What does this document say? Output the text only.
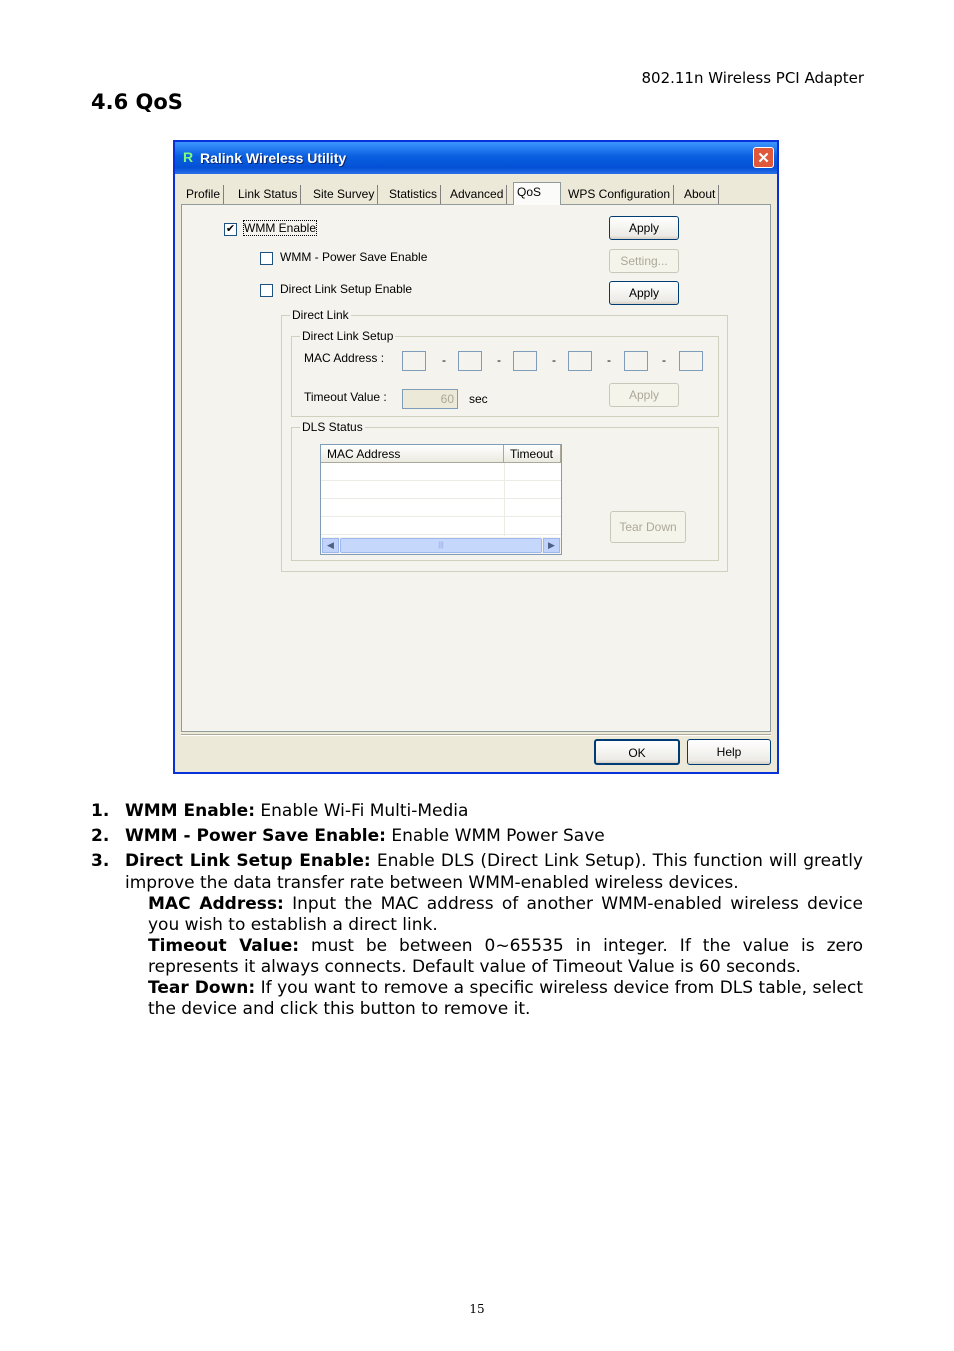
802.11n Wireless PCI Adapter
4.6 QoS
R Ralink Wireless Utility	✕
Profile	Link Status	Site Survey	Statistics	Advanced	QoS	WPS Configuration	About
✔ WMM Enable	Apply
WMM - Power Save Enable	Setting...
Direct Link Setup Enable	Apply
Direct Link
Direct Link Setup
MAC Address :	-	-	-	-	-
Timeout Value :	60	sec	Apply
DLS Status
MAC Address	Timeout
◀	|||	▶
Tear Down
OK	Help
1. WMM Enable: Enable Wi-Fi Multi-Media
2. WMM - Power Save Enable: Enable WMM Power Save
3. Direct Link Setup Enable: Enable DLS (Direct Link Setup). This function will greatly improve the data transfer rate between WMM-enabled wireless devices.

MAC Address: Input the MAC address of another WMM-enabled wireless device you wish to establish a direct link.

Timeout Value: must be between 0~65535 in integer. If the value is zero represents it always connects. Default value of Timeout Value is 60 seconds.

Tear Down: If you want to remove a specific wireless device from DLS table, select the device and click this button to remove it.

15
